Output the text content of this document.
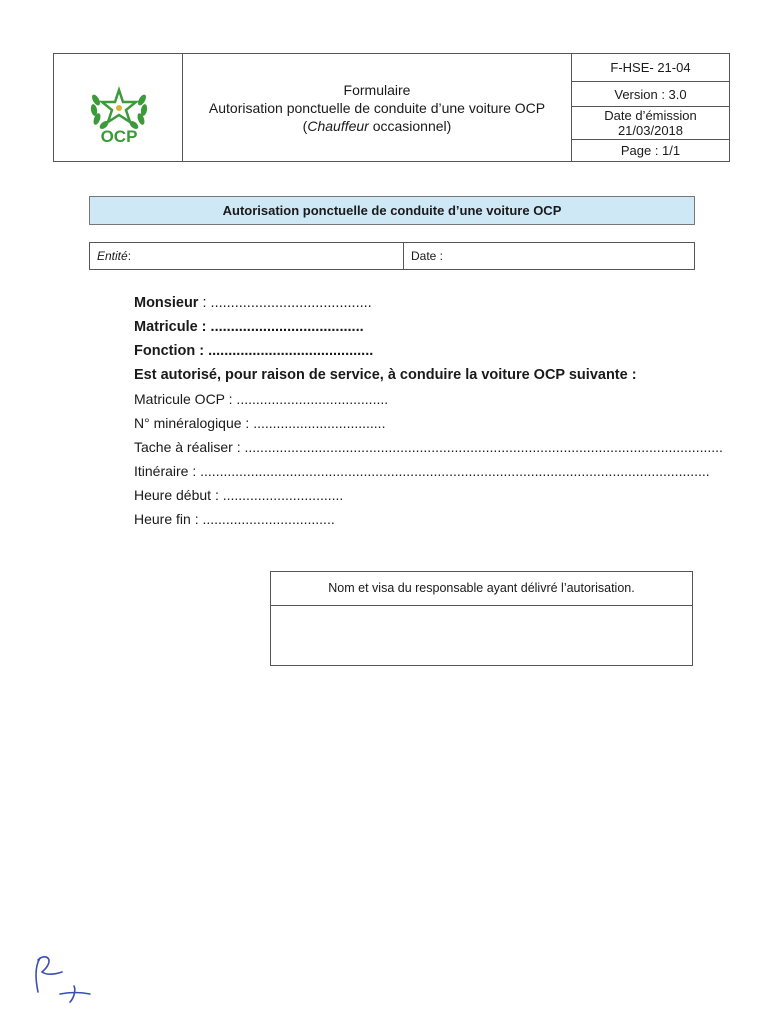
OCP
Formulaire
Autorisation ponctuelle de conduite d’une voiture OCP
(Chauffeur occasionnel)
F-HSE- 21-04
Version : 3.0
Date d’émission
21/03/2018
Page : 1/1
Autorisation ponctuelle de conduite d’une voiture OCP
Entité :	Date :
Monsieur : ........................................
Matricule : ......................................
Fonction : .........................................
Est autorisé, pour raison de service, à conduire la voiture OCP suivante :
Matricule OCP : .......................................
N° minéralogique : ..................................
Tache à réaliser : ...........................................................................................................................
Itinéraire : ...................................................................................................................................
Heure début : ...............................
Heure fin : ..................................
Nom et visa du responsable ayant délivré l’autorisation.
